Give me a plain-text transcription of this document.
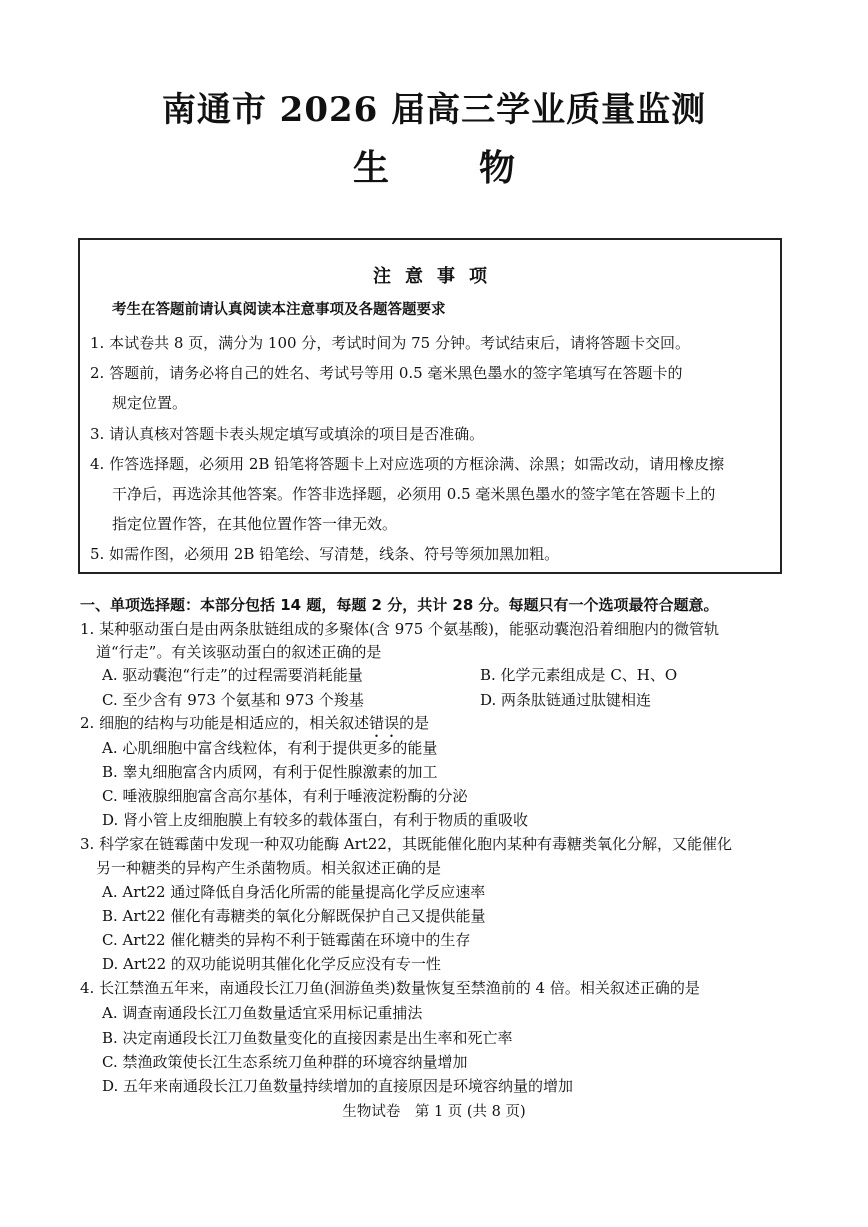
南通市 2026 届高三学业质量监测
生物
注意事项
考生在答题前请认真阅读本注意事项及各题答题要求
1. 本试卷共 8 页，满分为 100 分，考试时间为 75 分钟。考试结束后，请将答题卡交回。
2. 答题前，请务必将自己的姓名、考试号等用 0.5 毫米黑色墨水的签字笔填写在答题卡的
规定位置。
3. 请认真核对答题卡表头规定填写或填涂的项目是否准确。
4. 作答选择题，必须用 2B 铅笔将答题卡上对应选项的方框涂满、涂黑；如需改动，请用橡皮擦
干净后，再选涂其他答案。作答非选择题，必须用 0.5 毫米黑色墨水的签字笔在答题卡上的
指定位置作答，在其他位置作答一律无效。
5. 如需作图，必须用 2B 铅笔绘、写清楚，线条、符号等须加黑加粗。
一、单项选择题：本部分包括 14 题，每题 2 分，共计 28 分。每题只有一个选项最符合题意。
1. 某种驱动蛋白是由两条肽链组成的多聚体(含 975 个氨基酸)，能驱动囊泡沿着细胞内的微管轨
道“行走”。有关该驱动蛋白的叙述正确的是
A. 驱动囊泡“行走”的过程需要消耗能量	B. 化学元素组成是 C、H、O
C. 至少含有 973 个氨基和 973 个羧基	D. 两条肽链通过肽键相连
2. 细胞的结构与功能是相适应的，相关叙述错误的是
A. 心肌细胞中富含线粒体，有利于提供更多的能量
B. 睾丸细胞富含内质网，有利于促性腺激素的加工
C. 唾液腺细胞富含高尔基体，有利于唾液淀粉酶的分泌
D. 肾小管上皮细胞膜上有较多的载体蛋白，有利于物质的重吸收
3. 科学家在链霉菌中发现一种双功能酶 Art22，其既能催化胞内某种有毒糖类氧化分解，又能催化
另一种糖类的异构产生杀菌物质。相关叙述正确的是
A. Art22 通过降低自身活化所需的能量提高化学反应速率
B. Art22 催化有毒糖类的氧化分解既保护自己又提供能量
C. Art22 催化糖类的异构不利于链霉菌在环境中的生存
D. Art22 的双功能说明其催化化学反应没有专一性
4. 长江禁渔五年来，南通段长江刀鱼(洄游鱼类)数量恢复至禁渔前的 4 倍。相关叙述正确的是
A. 调查南通段长江刀鱼数量适宜采用标记重捕法
B. 决定南通段长江刀鱼数量变化的直接因素是出生率和死亡率
C. 禁渔政策使长江生态系统刀鱼种群的环境容纳量增加
D. 五年来南通段长江刀鱼数量持续增加的直接原因是环境容纳量的增加
生物试卷　第 1 页 (共 8 页)
